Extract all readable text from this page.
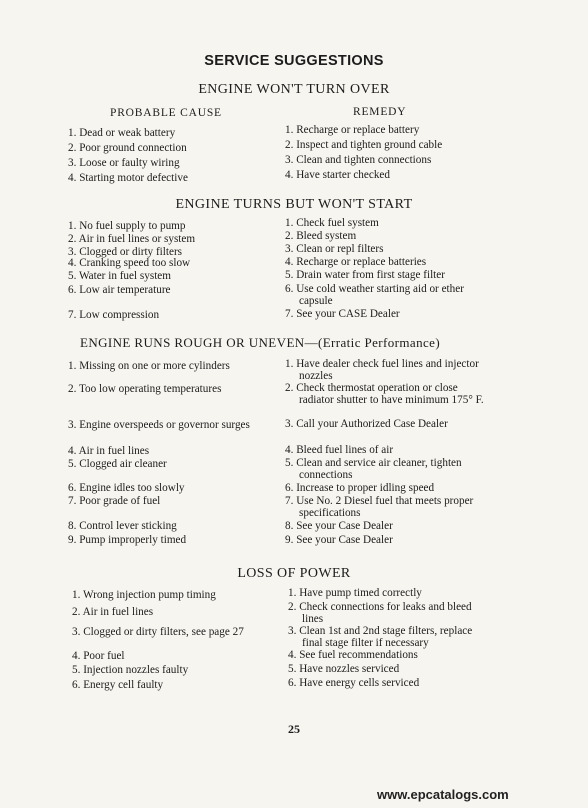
SERVICE SUGGESTIONS
ENGINE WON'T TURN OVER
PROBABLE CAUSE	REMEDY
1. Dead or weak battery
2. Poor ground connection
3. Loose or faulty wiring
4. Starting motor defective
1. Recharge or replace battery
2. Inspect and tighten ground cable
3. Clean and tighten connections
4. Have starter checked
ENGINE TURNS BUT WON'T START
1. No fuel supply to pump
2. Air in fuel lines or system
3. Clogged or dirty filters
4. Cranking speed too slow
5. Water in fuel system
6. Low air temperature
7. Low compression
1. Check fuel system
2. Bleed system
3. Clean or repl filters
4. Recharge or replace batteries
5. Drain water from first stage filter
6. Use cold weather starting aid or ether capsule
7. See your CASE Dealer
ENGINE RUNS ROUGH OR UNEVEN—(Erratic Performance)
1. Missing on one or more cylinders
2. Too low operating temperatures
3. Engine overspeeds or governor surges
4. Air in fuel lines
5. Clogged air cleaner
6. Engine idles too slowly
7. Poor grade of fuel
8. Control lever sticking
9. Pump improperly timed
1. Have dealer check fuel lines and injector nozzles
2. Check thermostat operation or close radiator shutter to have minimum 175° F.
3. Call your Authorized Case Dealer
4. Bleed fuel lines of air
5. Clean and service air cleaner, tighten connections
6. Increase to proper idling speed
7. Use No. 2 Diesel fuel that meets proper specifications
8. See your Case Dealer
9. See your Case Dealer
LOSS OF POWER
1. Wrong injection pump timing
2. Air in fuel lines
3. Clogged or dirty filters, see page 27
4. Poor fuel
5. Injection nozzles faulty
6. Energy cell faulty
1. Have pump timed correctly
2. Check connections for leaks and bleed lines
3. Clean 1st and 2nd stage filters, replace final stage filter if necessary
4. See fuel recommendations
5. Have nozzles serviced
6. Have energy cells serviced
25
www.epcatalogs.com
